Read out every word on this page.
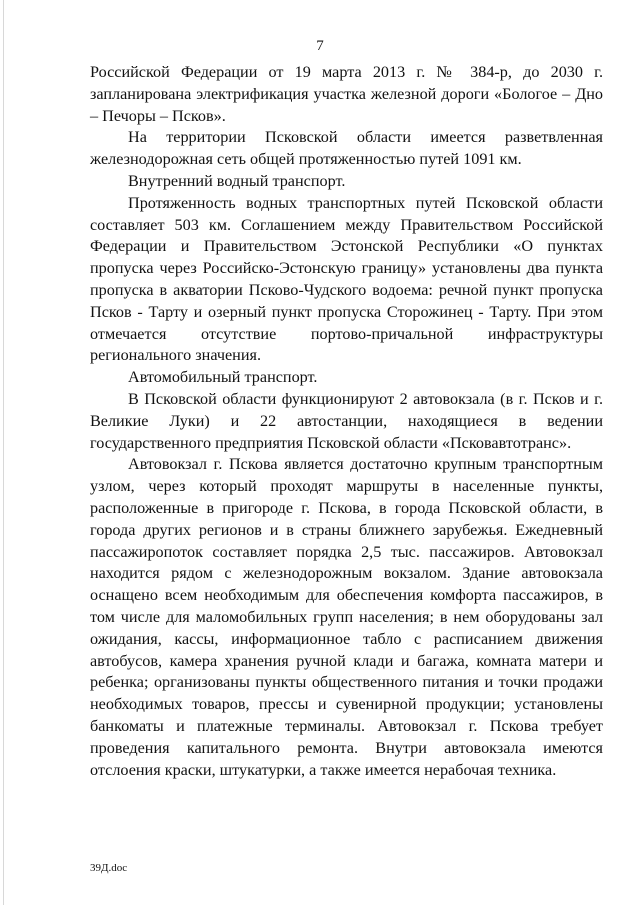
7

Российской Федерации от 19 марта 2013 г. № 384-р, до 2030 г. запланирована электрификация участка железной дороги «Бологое – Дно – Печоры – Псков».

На территории Псковской области имеется разветвленная железнодорожная сеть общей протяженностью путей 1091 км.

Внутренний водный транспорт.

Протяженность водных транспортных путей Псковской области составляет 503 км. Соглашением между Правительством Российской Федерации и Правительством Эстонской Республики «О пунктах пропуска через Российско-Эстонскую границу» установлены два пункта пропуска в акватории Псково-Чудского водоема: речной пункт пропуска Псков - Тарту и озерный пункт пропуска Сторожинец - Тарту. При этом отмечается отсутствие портово-причальной инфраструктуры регионального значения.

Автомобильный транспорт.

В Псковской области функционируют 2 автовокзала (в г. Псков и г. Великие Луки) и 22 автостанции, находящиеся в ведении государственного предприятия Псковской области «Псковавтотранс».

Автовокзал г. Пскова является достаточно крупным транспортным узлом, через который проходят маршруты в населенные пункты, расположенные в пригороде г. Пскова, в города Псковской области, в города других регионов и в страны ближнего зарубежья. Ежедневный пассажиропоток составляет порядка 2,5 тыс. пассажиров. Автовокзал находится рядом с железнодорожным вокзалом. Здание автовокзала оснащено всем необходимым для обеспечения комфорта пассажиров, в том числе для маломобильных групп населения; в нем оборудованы зал ожидания, кассы, информационное табло с расписанием движения автобусов, камера хранения ручной клади и багажа, комната матери и ребенка; организованы пункты общественного питания и точки продажи необходимых товаров, прессы и сувенирной продукции; установлены банкоматы и платежные терминалы. Автовокзал г. Пскова требует проведения капитального ремонта. Внутри автовокзала имеются отслоения краски, штукатурки, а также имеется нерабочая техника.

39Д.doc
